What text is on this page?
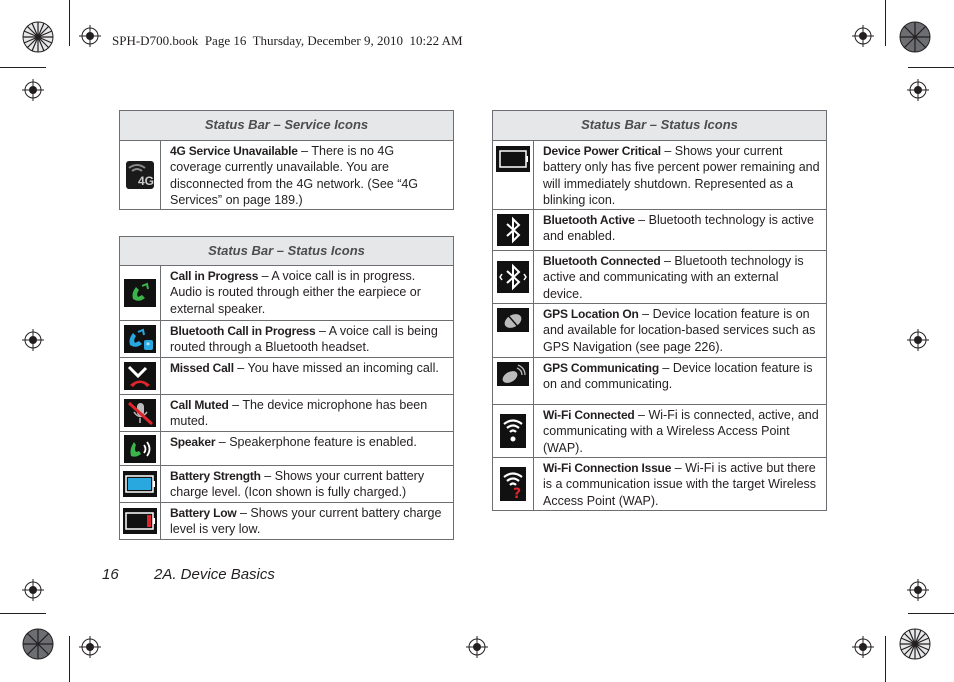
SPH-D700.book  Page 16  Thursday, December 9, 2010  10:22 AM
Status Bar – Service Icons

4G
	4G Service Unavailable – There is no 4G coverage currently unavailable. You are disconnected from the 4G network. (See “4G Services” on page 189.)
Status Bar – Status Icons	
	Call in Progress – A voice call is in progress. Audio is routed through either the earpiece or external speaker.

*	Bluetooth Call in Progress – A voice call is being routed through a Bluetooth headset.
	Missed Call – You have missed an incoming call.
	Call Muted – The device microphone has been muted.
	Speaker – Speakerphone feature is enabled.
	Battery Strength – Shows your current battery charge level. (Icon shown is fully charged.)
	Battery Low – Shows your current battery charge level is very low.
Status Bar – Status Icons	
	Device Power Critical – Shows your current battery only has five percent power remaining and will immediately shutdown. Represented as a blinking icon.
	Bluetooth Active – Bluetooth technology is active and enabled.
	Bluetooth Connected – Bluetooth technology is active and communicating with an external device.
	GPS Location On – Device location feature is on and available for location-based services such as GPS Navigation (see page 226).
	GPS Communicating – Device location feature is on and communicating.
	Wi-Fi Connected – Wi-Fi is connected, active, and communicating with a Wireless Access Point (WAP).

?	Wi-Fi Connection Issue – Wi-Fi is active but there is a communication issue with the target Wireless Access Point (WAP).
16 2A. Device Basics
